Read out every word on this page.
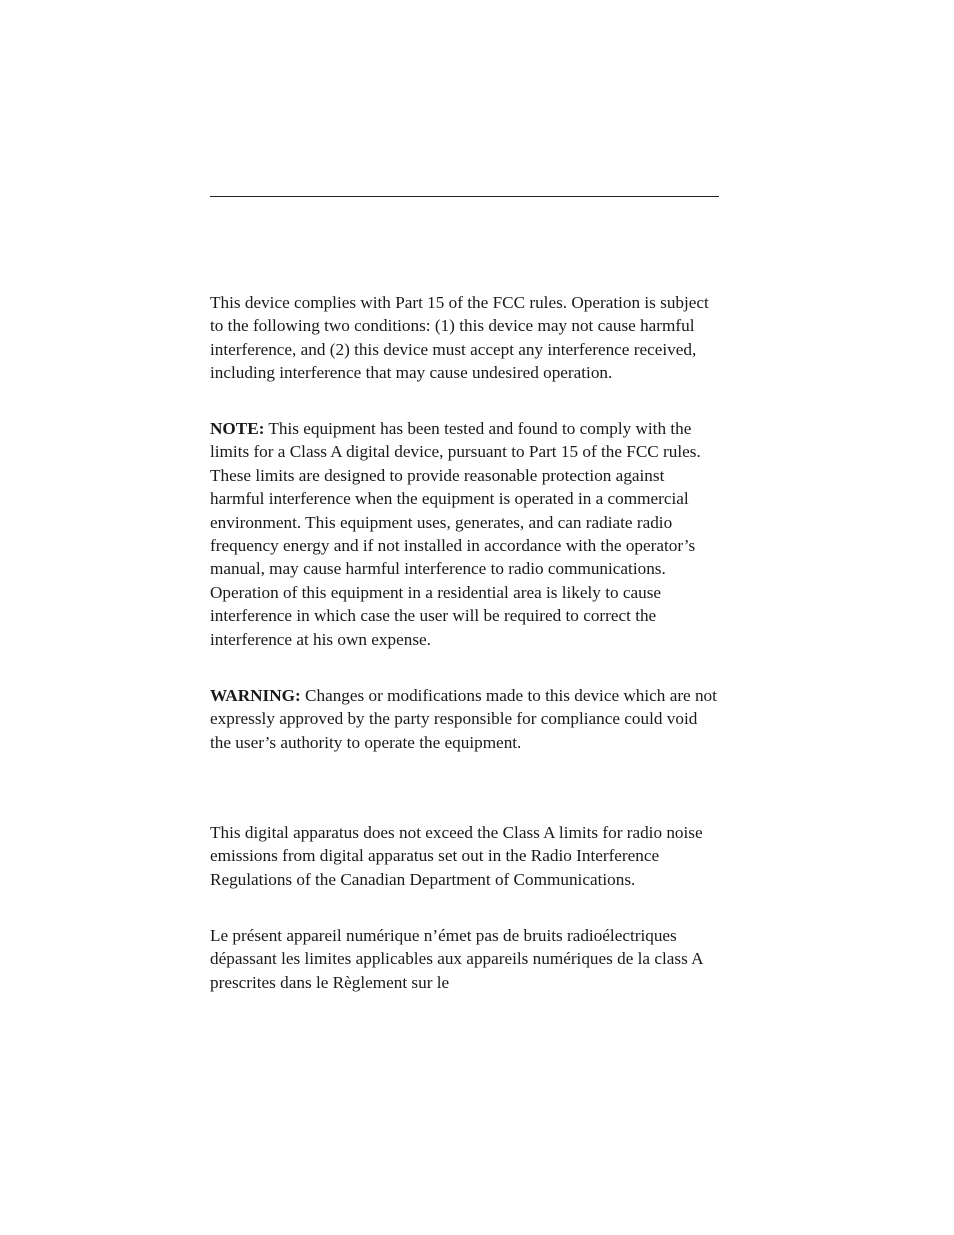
This device complies with Part 15 of the FCC rules. Operation is subject to the following two conditions: (1) this device may not cause harmful interference, and (2) this device must accept any interference received, including interference that may cause undesired operation.

NOTE: This equipment has been tested and found to comply with the limits for a Class A digital device, pursuant to Part 15 of the FCC rules. These limits are designed to provide reasonable protection against harmful interference when the equipment is operated in a commercial environment. This equipment uses, generates, and can radiate radio frequency energy and if not installed in accordance with the operator’s manual, may cause harmful interference to radio communications. Operation of this equipment in a residential area is likely to cause interference in which case the user will be required to correct the interference at his own expense.

WARNING: Changes or modifications made to this device which are not expressly approved by the party responsible for compliance could void the user’s authority to operate the equipment.

This digital apparatus does not exceed the Class A limits for radio noise emissions from digital apparatus set out in the Radio Interference Regulations of the Canadian Department of Communications.

Le présent appareil numérique n’émet pas de bruits radioélectriques dépassant les limites applicables aux appareils numériques de la class A prescrites dans le Règlement sur le
